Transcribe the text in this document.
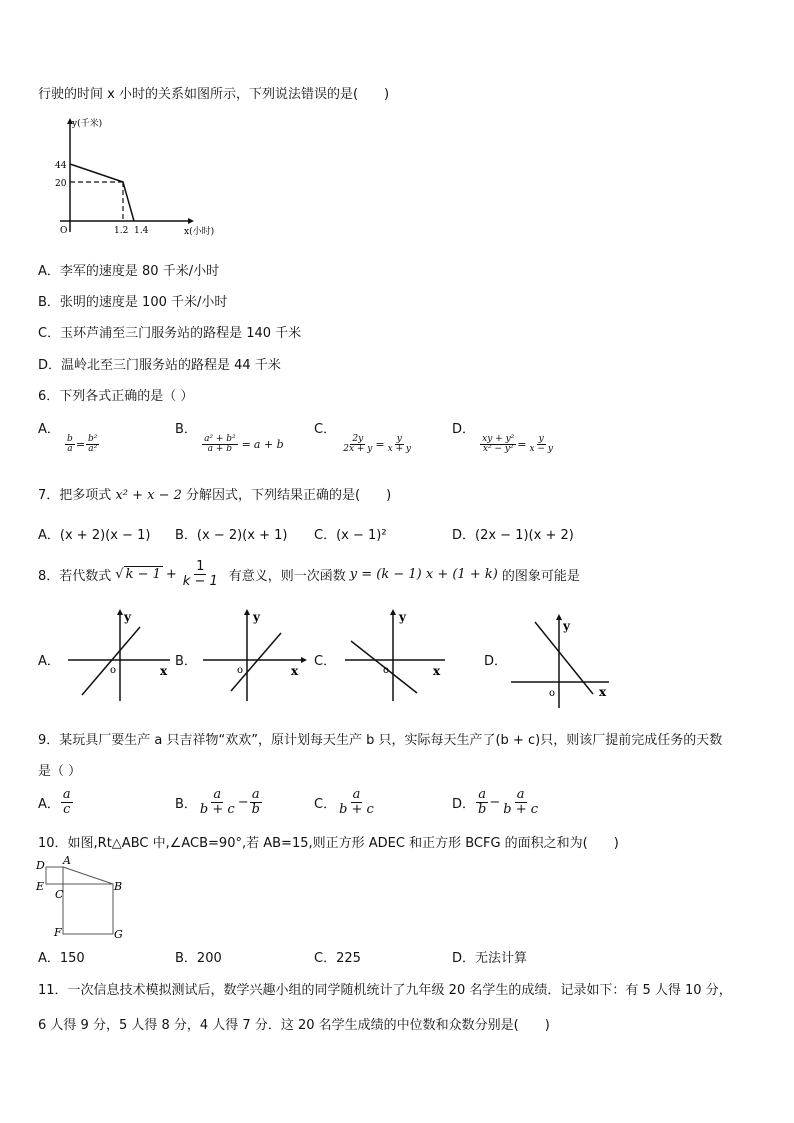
行驶的时间 x 小时的关系如图所示，下列说法错误的是(　　)
y(千米)
44
20
O	1.2 1.4	x(小时)
A．李军的速度是 80 千米/小时
B．张明的速度是 100 千米/小时
C．玉环芦浦至三门服务站的路程是 140 千米
D．温岭北至三门服务站的路程是 44 千米
6．下列各式正确的是（ ）
A．
$\frac{b}{a} = \frac{\text{b²}}{\text{a²}}$
B．
$\frac{\text{a² + b²}}{a + b} = a + b$
C．
$\frac{2y}{2x + y} = \frac{y}{x + y}$
D．
$\frac{\text{xy + y²}}{\text{x² − y²}} = \frac{y}{x - y}$
7．把多项式 x² + x − 2 分解因式，下列结果正确的是(　　)
A．(x + 2)(x − 1) B．(x − 2)(x + 1) C．(x − 1)²	D．(2x − 1)(x + 2)
8．若代数式 √ $k - 1 + \frac{1}{k - 1}$ 有意义，则一次函数 y = (k − 1) x + (1 + k) 的图象可能是
A．
y
o	x
B．
y
o	x
C．
y
o	x
D．
y
o	x
9．某玩具厂要生产 a 只吉祥物“欢欢”，原计划每天生产 b 只，实际每天生产了(b + c)只，则该厂提前完成任务的天数
是（ ）
A． $\frac{a}{c}$	B． $\frac{a}{b + c} - \frac{a}{b}$	C． $\frac{a}{b + c}$	D． $\frac{a}{b} - \frac{a}{b + c}$
10．如图,Rt△ABC 中,∠ACB=90°,若 AB=15,则正方形 ADEC 和正方形 BCFG 的面积之和为(　　)
D A
E
C
B
F	G
A．150	B．200	C．225	D．无法计算
11．一次信息技术模拟测试后，数学兴趣小组的同学随机统计了九年级 20 名学生的成绩．记录如下：有 5 人得 10 分，
6 人得 9 分，5 人得 8 分，4 人得 7 分．这 20 名学生成绩的中位数和众数分别是(　　)
